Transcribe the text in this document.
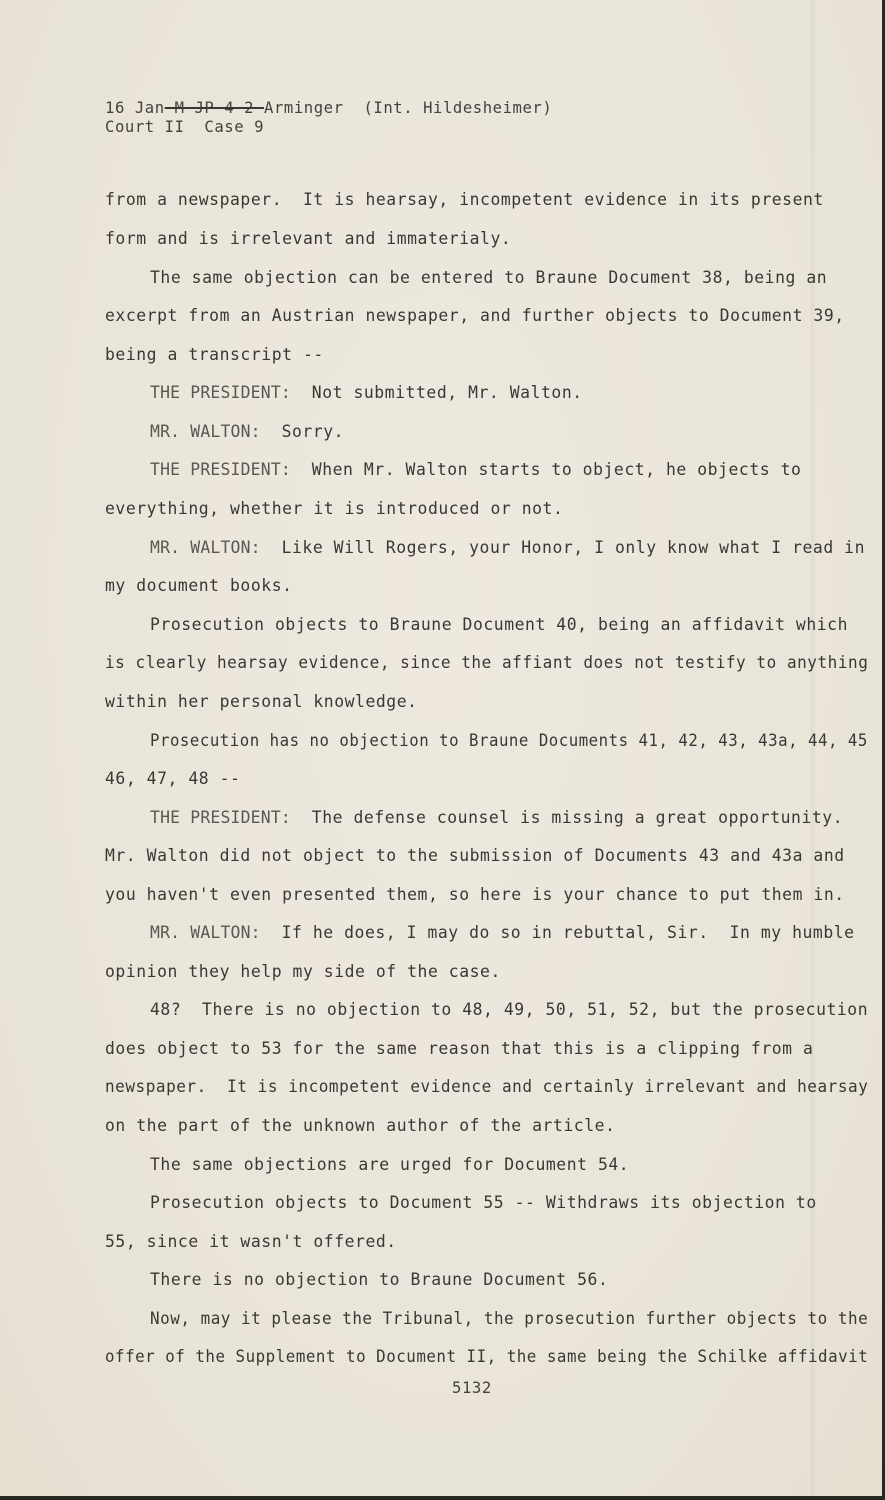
16 Jan-M-JP-4-2-Arminger (Int. Hildesheimer)
Court II  Case 9
from a newspaper.  It is hearsay, incompetent evidence in its present
form and is irrelevant and immaterialy.
The same objection can be entered to Braune Document 38, being an
excerpt from an Austrian newspaper, and further objects to Document 39,
being a transcript --
THE PRESIDENT: Not submitted, Mr. Walton.
MR. WALTON: Sorry.
THE PRESIDENT: When Mr. Walton starts to object, he objects to
everything, whether it is introduced or not.
MR. WALTON: Like Will Rogers, your Honor, I only know what I read in
my document books.
Prosecution objects to Braune Document 40, being an affidavit which
is clearly hearsay evidence, since the affiant does not testify to anything
within her personal knowledge.
Prosecution has no objection to Braune Documents 41, 42, 43, 43a, 44, 45
46, 47, 48 --
THE PRESIDENT: The defense counsel is missing a great opportunity.
Mr. Walton did not object to the submission of Documents 43 and 43a and
you haven't even presented them, so here is your chance to put them in.
MR. WALTON: If he does, I may do so in rebuttal, Sir.  In my humble
opinion they help my side of the case.
48?  There is no objection to 48, 49, 50, 51, 52, but the prosecution
does object to 53 for the same reason that this is a clipping from a
newspaper.  It is incompetent evidence and certainly irrelevant and hearsay
on the part of the unknown author of the article.
The same objections are urged for Document 54.
Prosecution objects to Document 55 -- Withdraws its objection to
55, since it wasn't offered.
There is no objection to Braune Document 56.
Now, may it please the Tribunal, the prosecution further objects to the
offer of the Supplement to Document II, the same being the Schilke affidavit
5132
